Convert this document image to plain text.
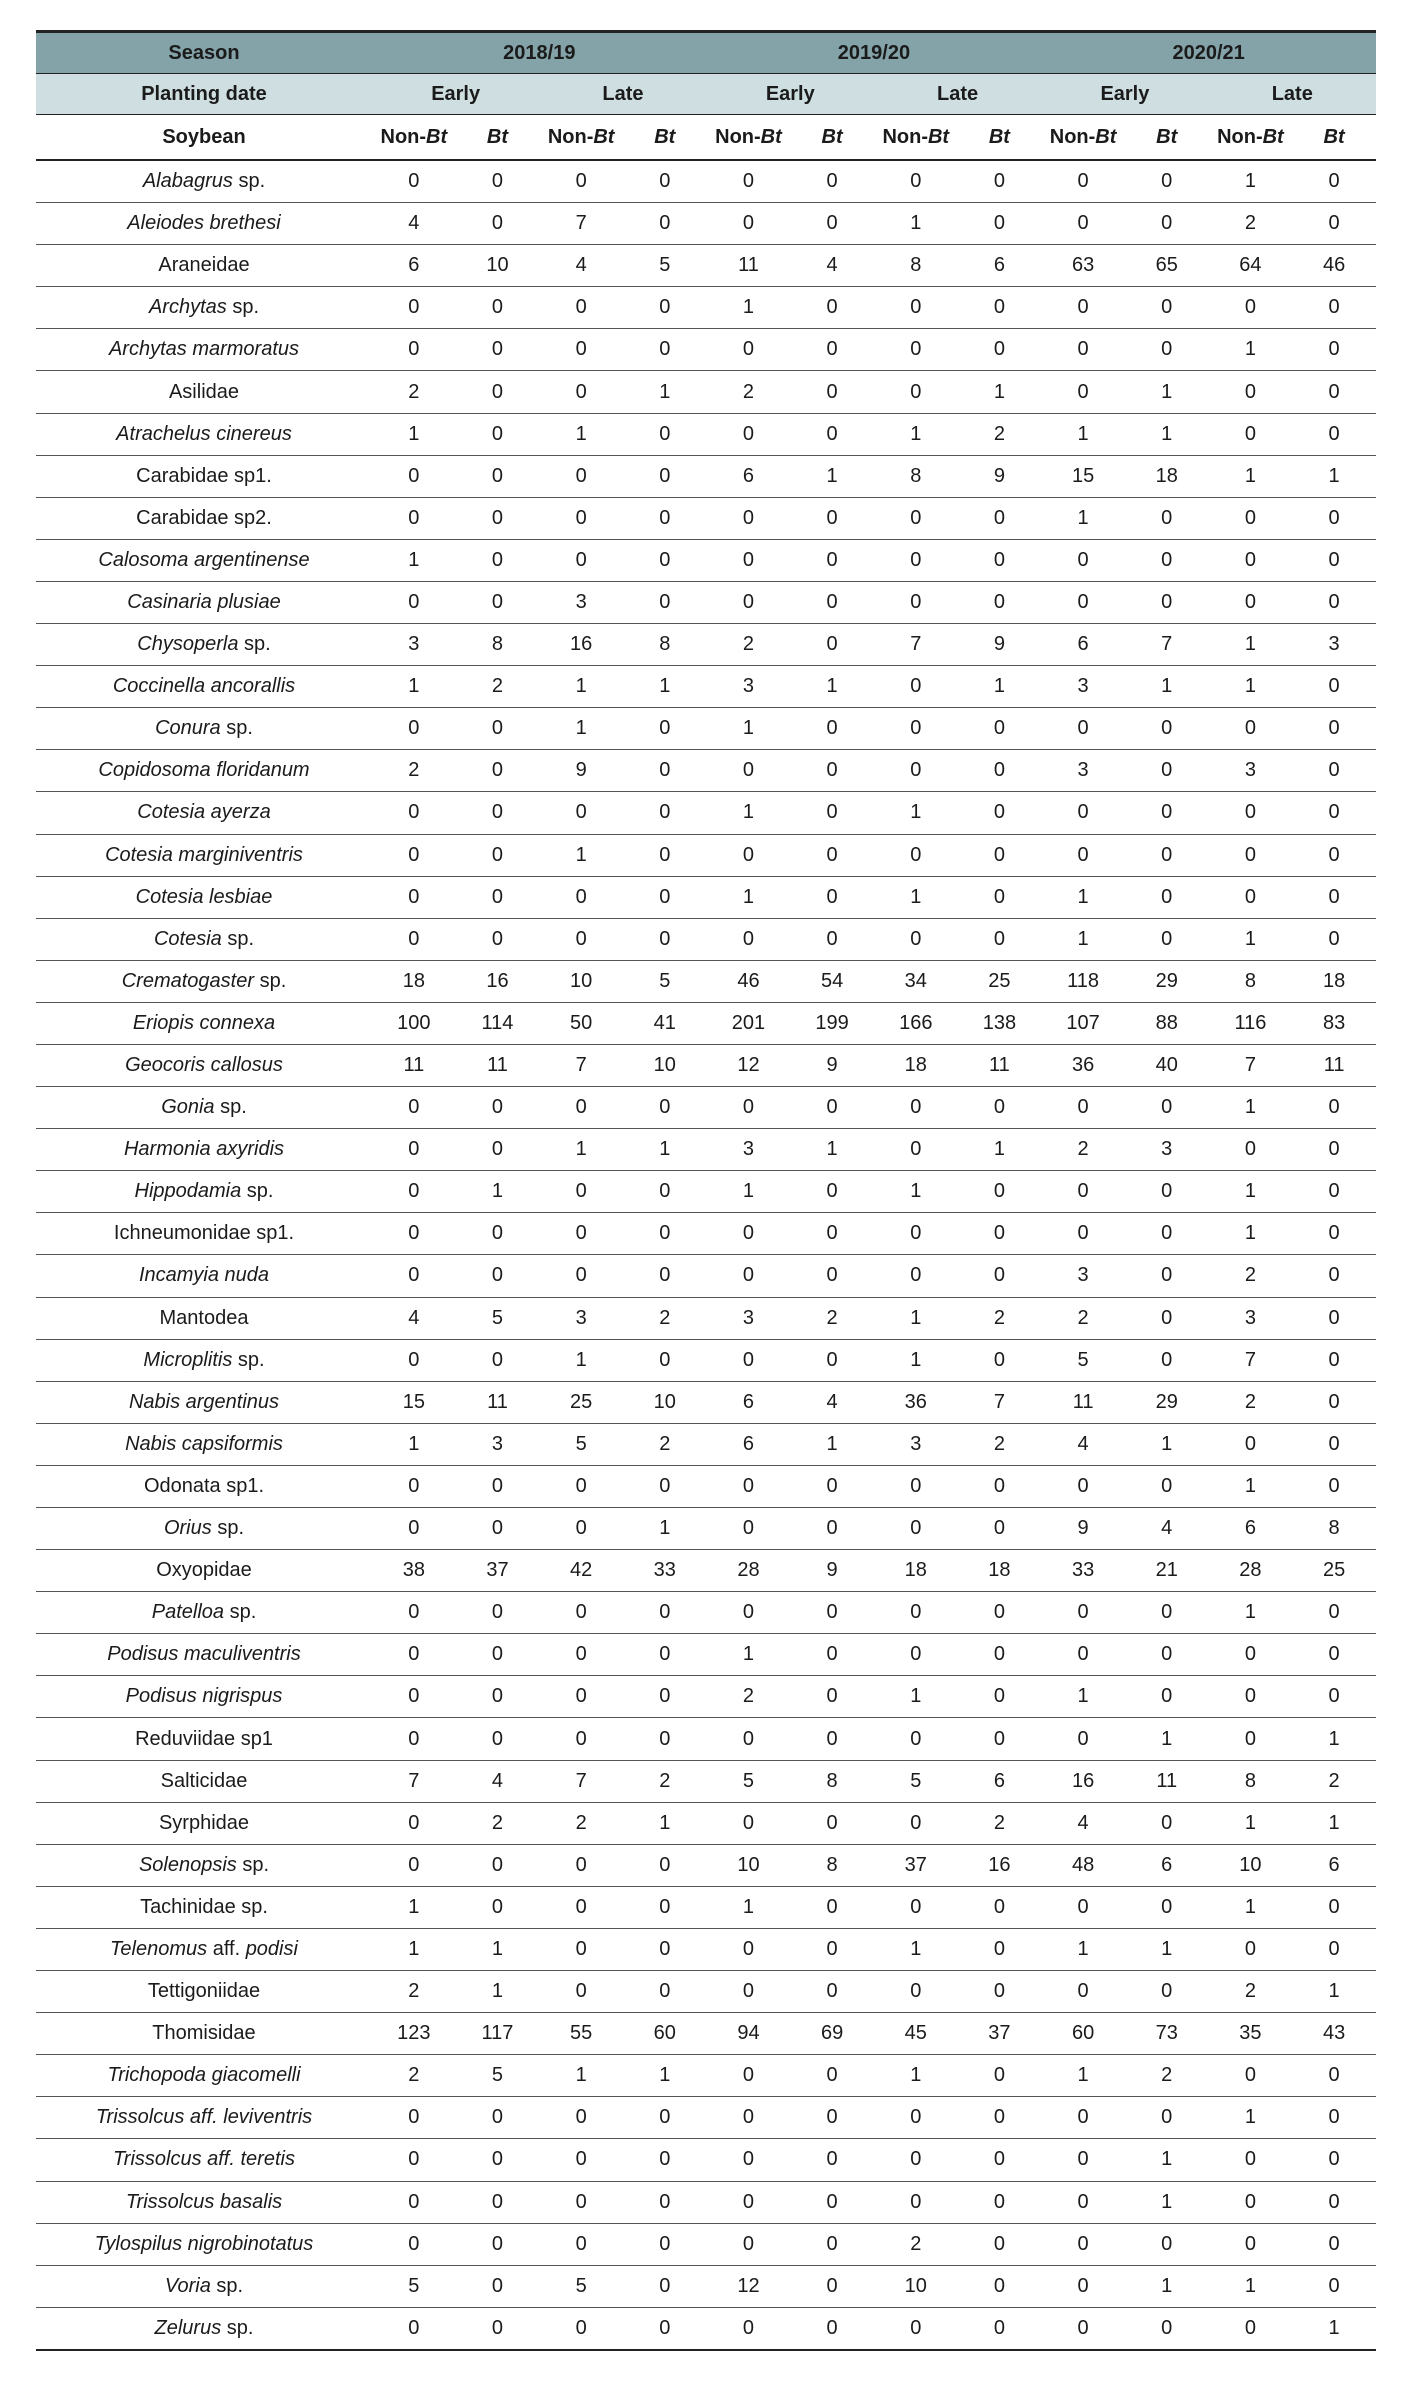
Season	2018/19				2019/20				2020/21			
Planting date	Early		Late		Early		Late		Early		Late	
Soybean	Non-Bt	Bt	Non-Bt	Bt	Non-Bt	Bt	Non-Bt	Bt	Non-Bt	Bt	Non-Bt	Bt
Alabagrus sp.	0	0	0	0	0	0	0	0	0	0	1	0
Aleiodes brethesi	4	0	7	0	0	0	1	0	0	0	2	0
Araneidae	6	10	4	5	11	4	8	6	63	65	64	46
Archytas sp.	0	0	0	0	1	0	0	0	0	0	0	0
Archytas marmoratus	0	0	0	0	0	0	0	0	0	0	1	0
Asilidae	2	0	0	1	2	0	0	1	0	1	0	0
Atrachelus cinereus	1	0	1	0	0	0	1	2	1	1	0	0
Carabidae sp1.	0	0	0	0	6	1	8	9	15	18	1	1
Carabidae sp2.	0	0	0	0	0	0	0	0	1	0	0	0
Calosoma argentinense	1	0	0	0	0	0	0	0	0	0	0	0
Casinaria plusiae	0	0	3	0	0	0	0	0	0	0	0	0
Chysoperla sp.	3	8	16	8	2	0	7	9	6	7	1	3
Coccinella ancorallis	1	2	1	1	3	1	0	1	3	1	1	0
Conura sp.	0	0	1	0	1	0	0	0	0	0	0	0
Copidosoma floridanum	2	0	9	0	0	0	0	0	3	0	3	0
Cotesia ayerza	0	0	0	0	1	0	1	0	0	0	0	0
Cotesia marginiventris	0	0	1	0	0	0	0	0	0	0	0	0
Cotesia lesbiae	0	0	0	0	1	0	1	0	1	0	0	0
Cotesia sp.	0	0	0	0	0	0	0	0	1	0	1	0
Crematogaster sp.	18	16	10	5	46	54	34	25	118	29	8	18
Eriopis connexa	100	114	50	41	201	199	166	138	107	88	116	83
Geocoris callosus	11	11	7	10	12	9	18	11	36	40	7	11
Gonia sp.	0	0	0	0	0	0	0	0	0	0	1	0
Harmonia axyridis	0	0	1	1	3	1	0	1	2	3	0	0
Hippodamia sp.	0	1	0	0	1	0	1	0	0	0	1	0
Ichneumonidae sp1.	0	0	0	0	0	0	0	0	0	0	1	0
Incamyia nuda	0	0	0	0	0	0	0	0	3	0	2	0
Mantodea	4	5	3	2	3	2	1	2	2	0	3	0
Microplitis sp.	0	0	1	0	0	0	1	0	5	0	7	0
Nabis argentinus	15	11	25	10	6	4	36	7	11	29	2	0
Nabis capsiformis	1	3	5	2	6	1	3	2	4	1	0	0
Odonata sp1.	0	0	0	0	0	0	0	0	0	0	1	0
Orius sp.	0	0	0	1	0	0	0	0	9	4	6	8
Oxyopidae	38	37	42	33	28	9	18	18	33	21	28	25
Patelloa sp.	0	0	0	0	0	0	0	0	0	0	1	0
Podisus maculiventris	0	0	0	0	1	0	0	0	0	0	0	0
Podisus nigrispus	0	0	0	0	2	0	1	0	1	0	0	0
Reduviidae sp1	0	0	0	0	0	0	0	0	0	1	0	1
Salticidae	7	4	7	2	5	8	5	6	16	11	8	2
Syrphidae	0	2	2	1	0	0	0	2	4	0	1	1
Solenopsis sp.	0	0	0	0	10	8	37	16	48	6	10	6
Tachinidae sp.	1	0	0	0	1	0	0	0	0	0	1	0
Telenomus aff. podisi	1	1	0	0	0	0	1	0	1	1	0	0
Tettigoniidae	2	1	0	0	0	0	0	0	0	0	2	1
Thomisidae	123	117	55	60	94	69	45	37	60	73	35	43
Trichopoda giacomelli	2	5	1	1	0	0	1	0	1	2	0	0
Trissolcus aff. leviventris	0	0	0	0	0	0	0	0	0	0	1	0
Trissolcus aff. teretis	0	0	0	0	0	0	0	0	0	1	0	0
Trissolcus basalis	0	0	0	0	0	0	0	0	0	1	0	0
Tylospilus nigrobinotatus	0	0	0	0	0	0	2	0	0	0	0	0
Voria sp.	5	0	5	0	12	0	10	0	0	1	1	0
Zelurus sp.	0	0	0	0	0	0	0	0	0	0	0	1
